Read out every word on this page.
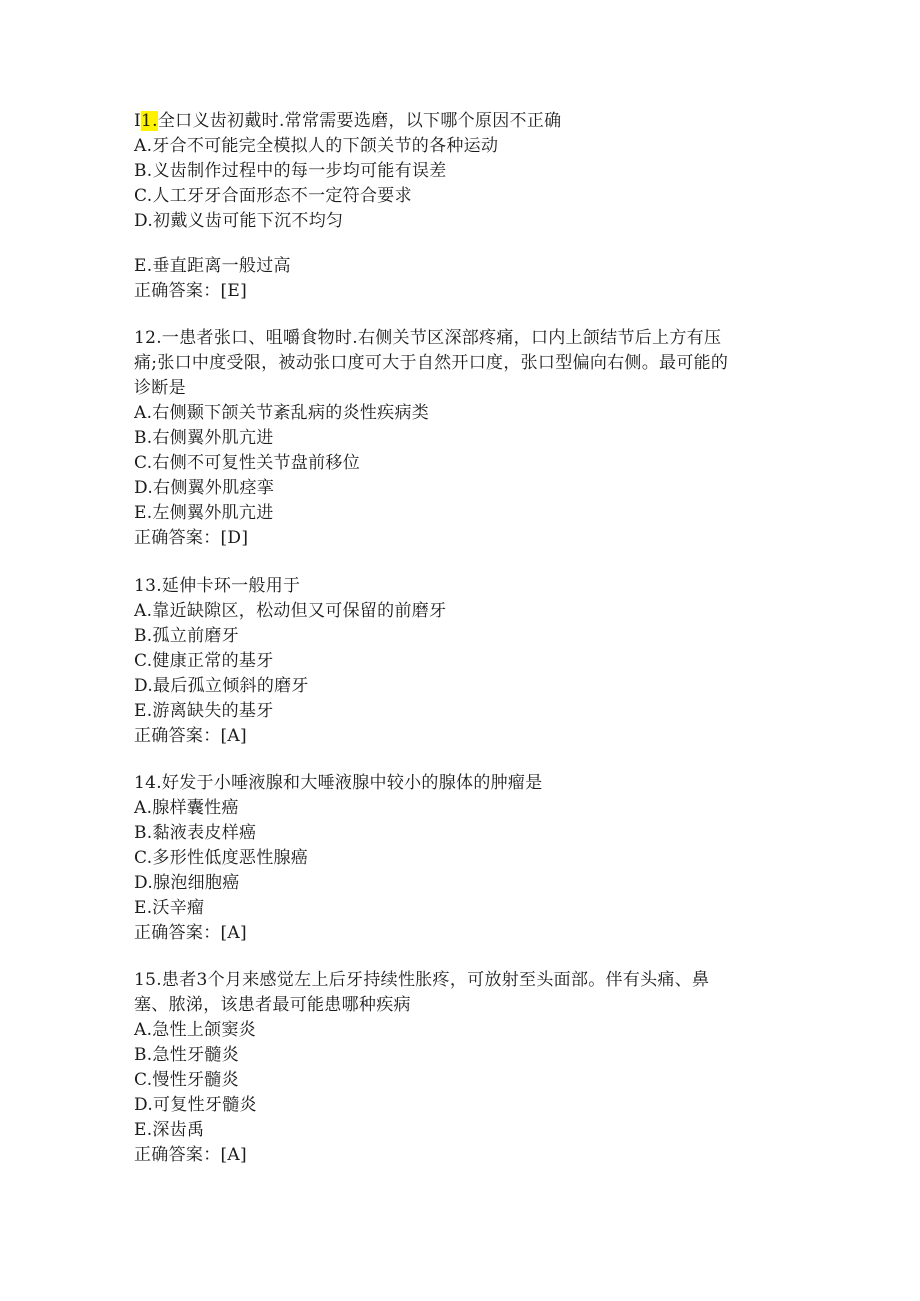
I1.全口义齿初戴时.常常需要选磨，以下哪个原因不正确
A.牙合不可能完全模拟人的下颌关节的各种运动
B.义齿制作过程中的每一步均可能有误差
C.人工牙牙合面形态不一定符合要求
D.初戴义齿可能下沉不均匀
E.垂直距离一般过高
正确答案：[E]
12.一患者张口、咀嚼食物时.右侧关节区深部疼痛，口内上颌结节后上方有压
痛;张口中度受限，被动张口度可大于自然开口度，张口型偏向右侧。最可能的
诊断是
A.右侧颞下颌关节紊乱病的炎性疾病类
B.右侧翼外肌亢进
C.右侧不可复性关节盘前移位
D.右侧翼外肌痉挛
E.左侧翼外肌亢进
正确答案：[D]
13.延伸卡环一般用于
A.靠近缺隙区，松动但又可保留的前磨牙
B.孤立前磨牙
C.健康正常的基牙
D.最后孤立倾斜的磨牙
E.游离缺失的基牙
正确答案：[A]
14.好发于小唾液腺和大唾液腺中较小的腺体的肿瘤是
A.腺样囊性癌
B.黏液表皮样癌
C.多形性低度恶性腺癌
D.腺泡细胞癌
E.沃辛瘤
正确答案：[A]
15.患者3个月来感觉左上后牙持续性胀疼，可放射至头面部。伴有头痛、鼻
塞、脓涕，该患者最可能患哪种疾病
A.急性上颌窦炎
B.急性牙髓炎
C.慢性牙髓炎
D.可复性牙髓炎
E.深齿禹
正确答案：[A]
